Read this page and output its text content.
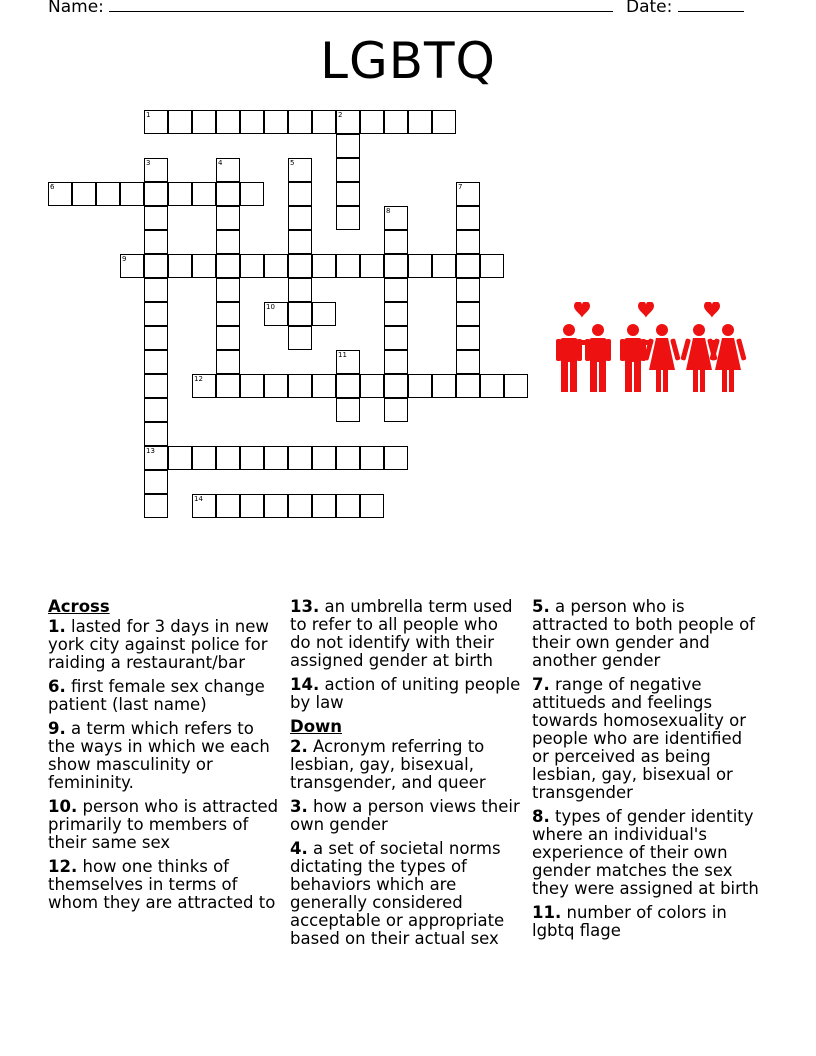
Name:	Date:
LGBTQ
1	2
3
13
4	5
6	7
8
9
10
11
12
14
Across
1. lasted for 3 days in new york city against police for raiding a restaurant/bar
6. first female sex change patient (last name)
9. a term which refers to the ways in which we each show masculinity or femininity.
10. person who is attracted primarily to members of their same sex
12. how one thinks of themselves in terms of whom they are attracted to
13. an umbrella term used to refer to all people who do not identify with their assigned gender at birth
14. action of uniting people by law
Down
2. Acronym referring to lesbian, gay, bisexual, transgender, and queer
3. how a person views their own gender
4. a set of societal norms dictating the types of behaviors which are generally considered acceptable or appropriate based on their actual sex
5. a person who is attracted to both people of their own gender and another gender
7. range of negative attitueds and feelings towards homosexuality or people who are identified or perceived as being lesbian, gay, bisexual or transgender
8. types of gender identity where an individual's experience of their own gender matches the sex they were assigned at birth
11. number of colors in lgbtq flage
